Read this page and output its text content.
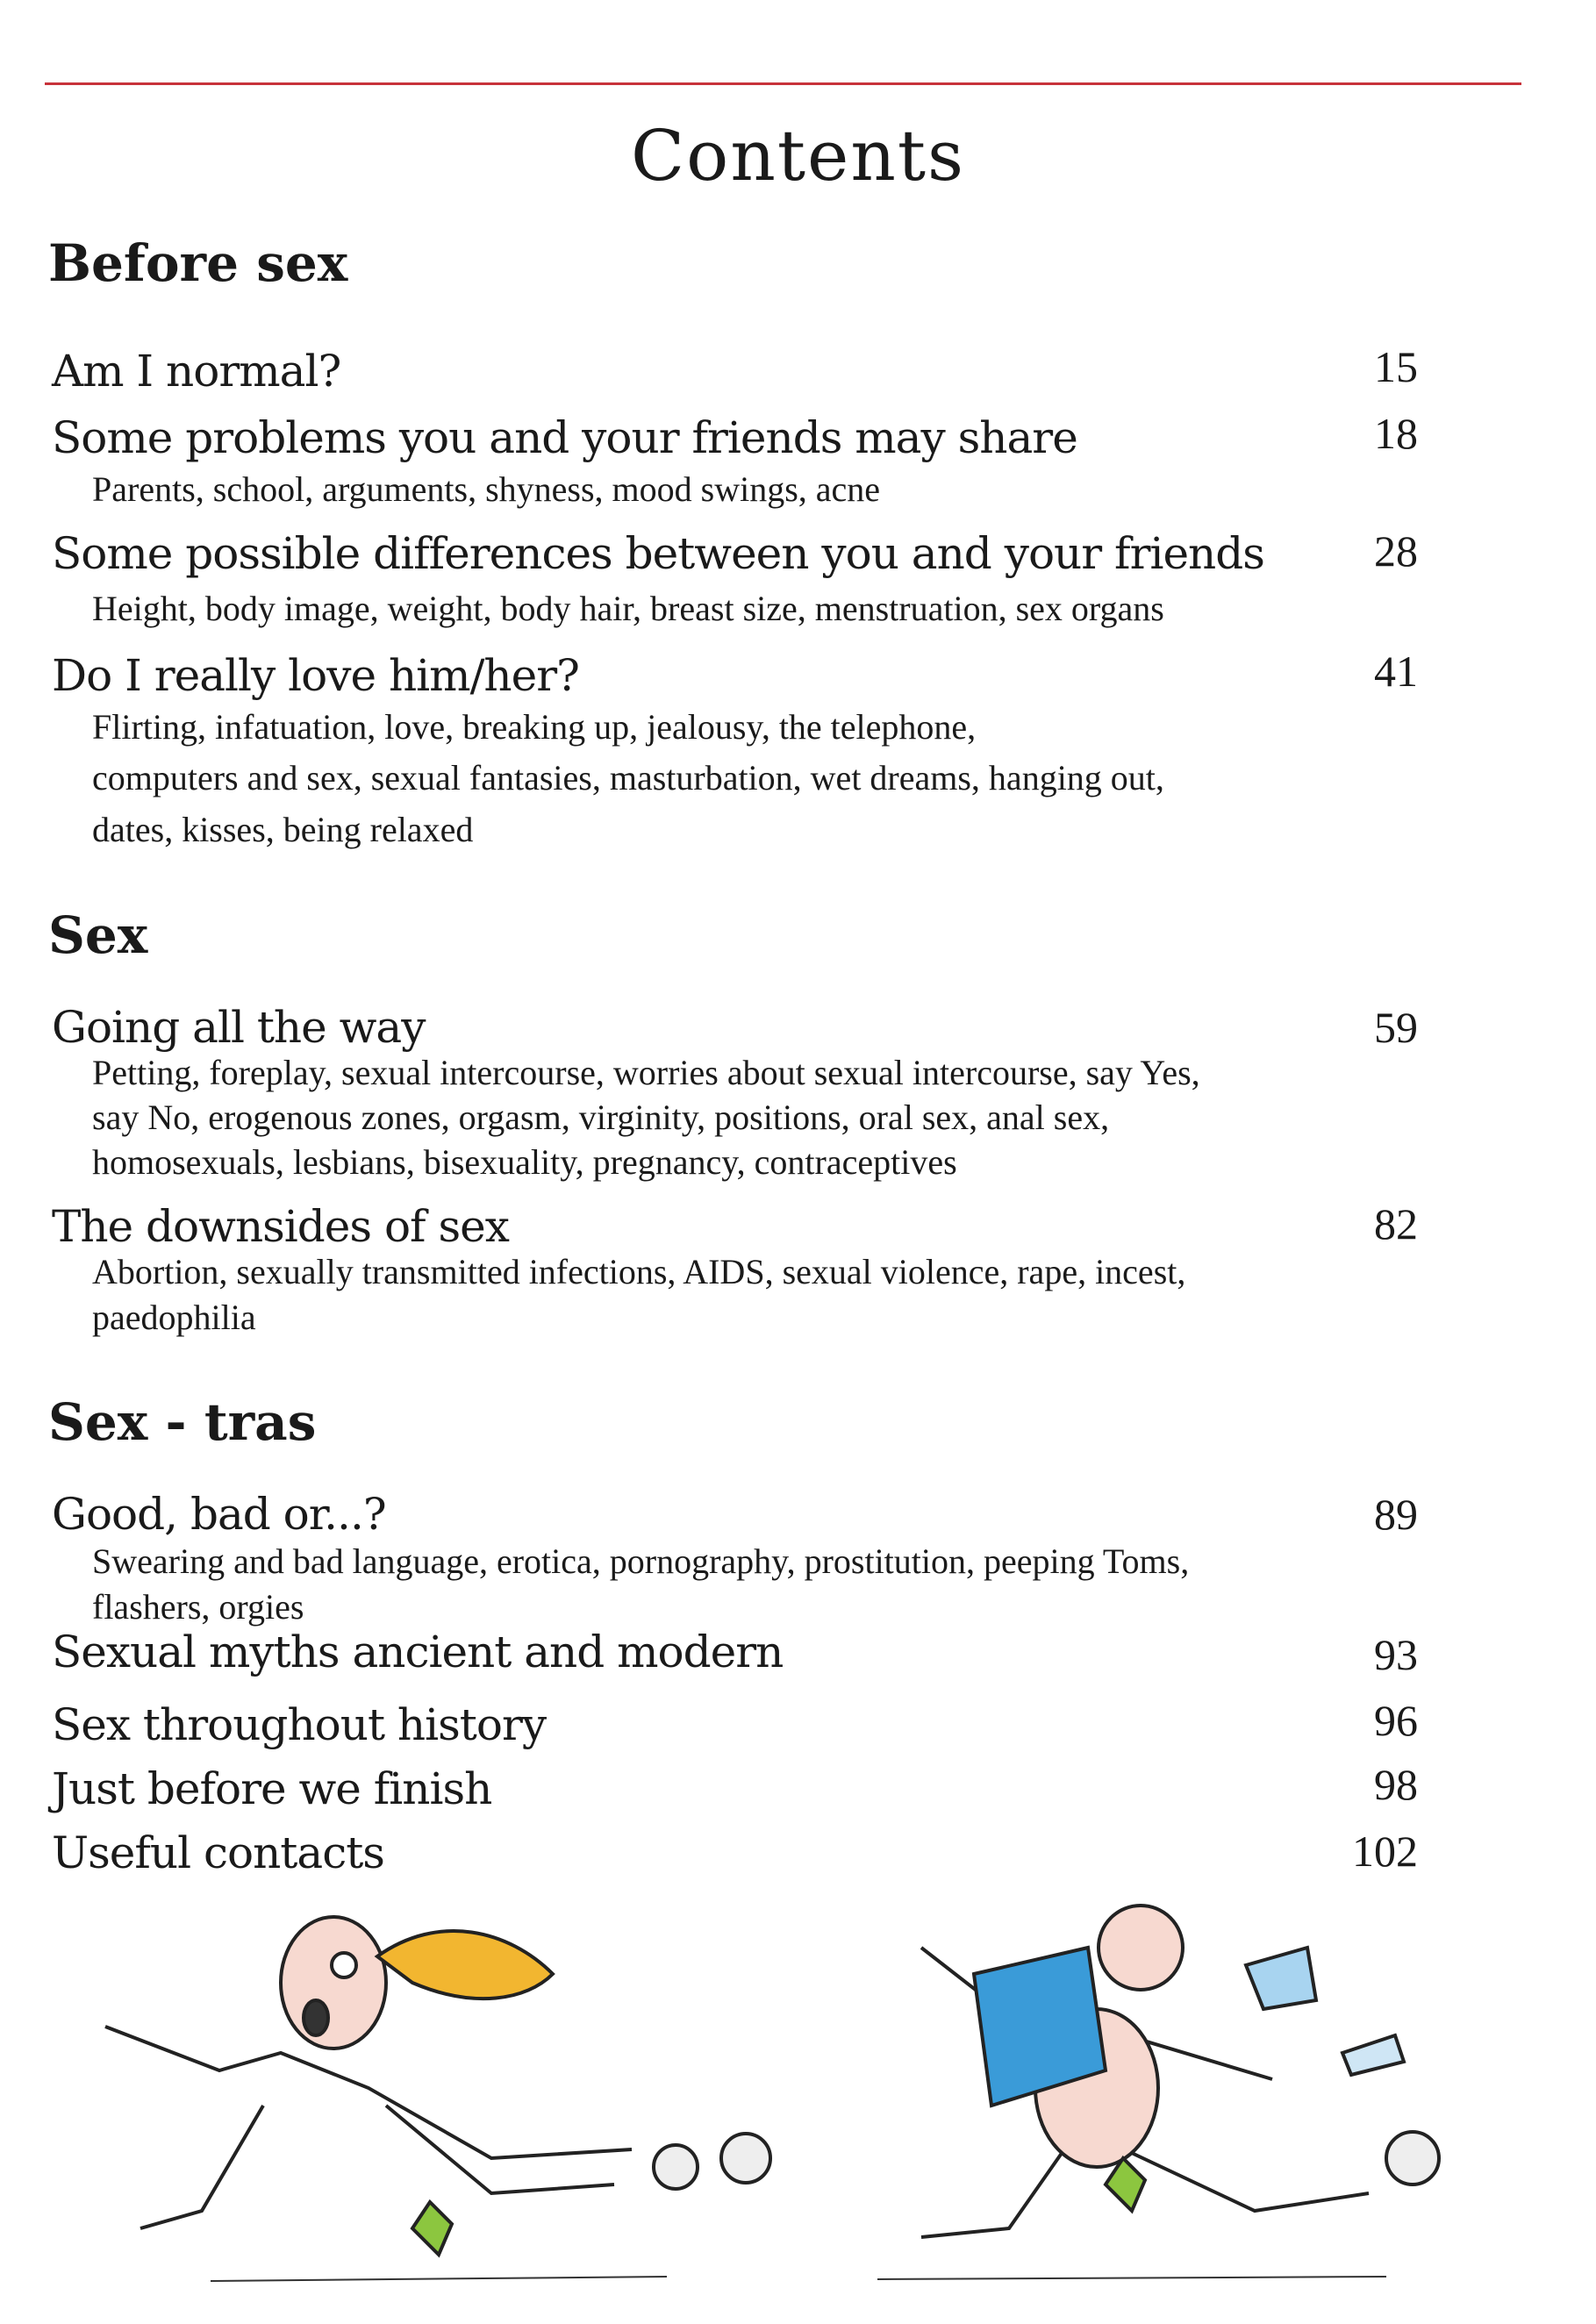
Contents
Before sex
Am I normal?	15
Some problems you and your friends may share	18
Parents, school, arguments, shyness, mood swings, acne
Some possible differences between you and your friends	28
Height, body image, weight, body hair, breast size, menstruation, sex organs
Do I really love him/her?	41
Flirting, infatuation, love, breaking up, jealousy, the telephone,
computers and sex, sexual fantasies, masturbation, wet dreams, hanging out,
dates, kisses, being relaxed
Sex
Going all the way	59
Petting, foreplay, sexual intercourse, worries about sexual intercourse, say Yes,
say No, erogenous zones, orgasm, virginity, positions, oral sex, anal sex,
homosexuals, lesbians, bisexuality, pregnancy, contraceptives
The downsides of sex	82
Abortion, sexually transmitted infections, AIDS, sexual violence, rape, incest,
paedophilia
Sex - tras
Good, bad or...?	89
Swearing and bad language, erotica, pornography, prostitution, peeping Toms,
flashers, orgies
Sexual myths ancient and modern	93
Sex throughout history	96
Just before we finish	98
Useful contacts	102
